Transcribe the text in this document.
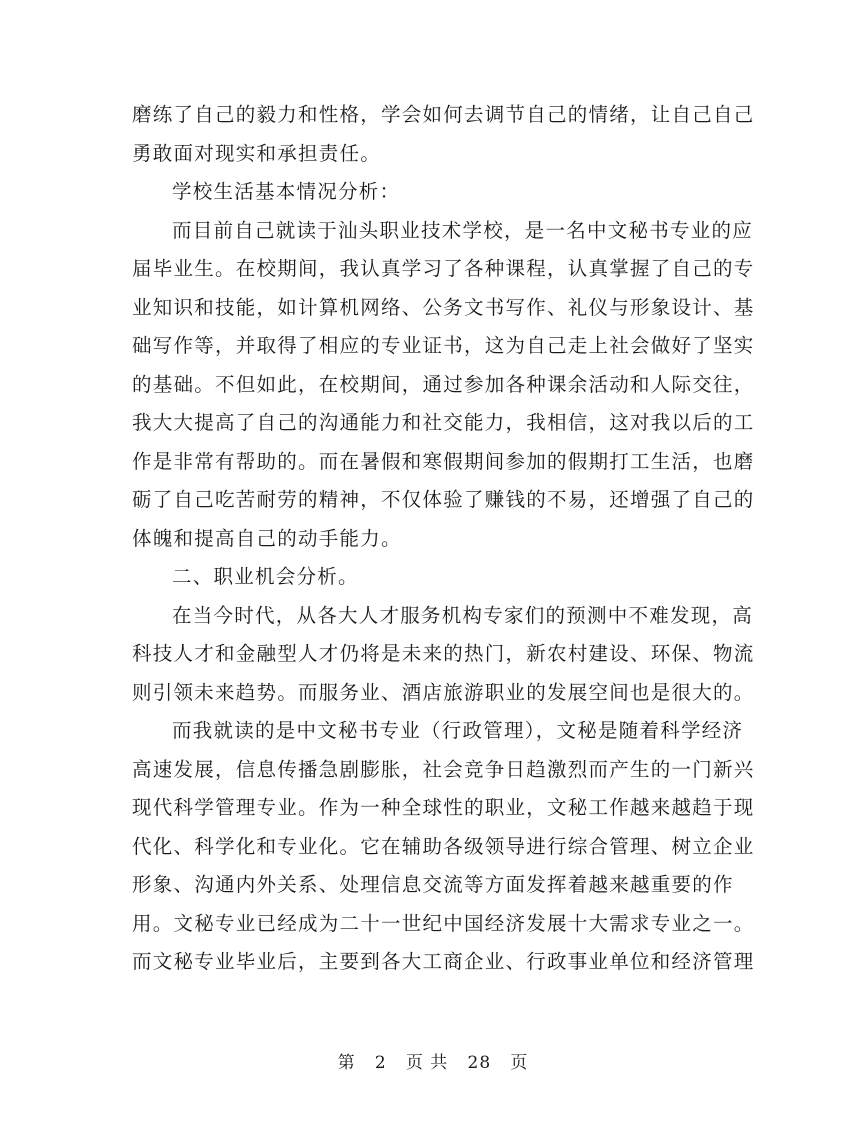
磨练了自己的毅力和性格，学会如何去调节自己的情绪，让自己自己
勇敢面对现实和承担责任。
学校生活基本情况分析：
而目前自己就读于汕头职业技术学校，是一名中文秘书专业的应
届毕业生。在校期间，我认真学习了各种课程，认真掌握了自己的专
业知识和技能，如计算机网络、公务文书写作、礼仪与形象设计、基
础写作等，并取得了相应的专业证书，这为自己走上社会做好了坚实
的基础。不但如此，在校期间，通过参加各种课余活动和人际交往，
我大大提高了自己的沟通能力和社交能力，我相信，这对我以后的工
作是非常有帮助的。而在暑假和寒假期间参加的假期打工生活，也磨
砺了自己吃苦耐劳的精神，不仅体验了赚钱的不易，还增强了自己的
体魄和提高自己的动手能力。
二、职业机会分析。
在当今时代，从各大人才服务机构专家们的预测中不难发现，高
科技人才和金融型人才仍将是未来的热门，新农村建设、环保、物流
则引领未来趋势。而服务业、酒店旅游职业的发展空间也是很大的。
而我就读的是中文秘书专业（行政管理），文秘是随着科学经济
高速发展，信息传播急剧膨胀，社会竞争日趋激烈而产生的一门新兴
现代科学管理专业。作为一种全球性的职业，文秘工作越来越趋于现
代化、科学化和专业化。它在辅助各级领导进行综合管理、树立企业
形象、沟通内外关系、处理信息交流等方面发挥着越来越重要的作
用。文秘专业已经成为二十一世纪中国经济发展十大需求专业之一。
而文秘专业毕业后，主要到各大工商企业、行政事业单位和经济管理
第 2 页 共 28 页
